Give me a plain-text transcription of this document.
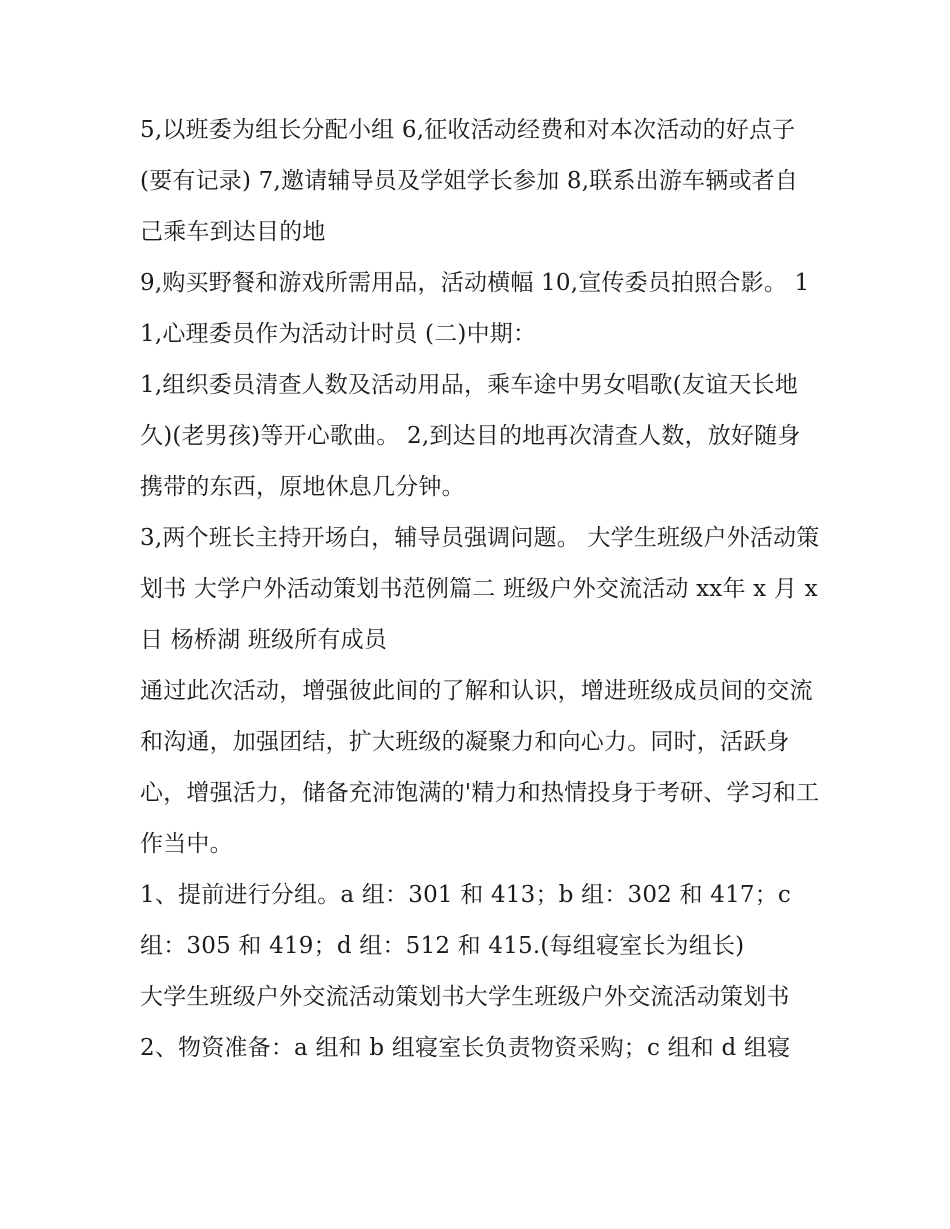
5,以班委为组长分配小组 6,征收活动经费和对本次活动的好点子(要有记录) 7,邀请辅导员及学姐学长参加 8,联系出游车辆或者自己乘车到达目的地

9,购买野餐和游戏所需用品，活动横幅 10,宣传委员拍照合影。 11,心理委员作为活动计时员 (二)中期：

1,组织委员清查人数及活动用品，乘车途中男女唱歌(友谊天长地久)(老男孩)等开心歌曲。 2,到达目的地再次清查人数，放好随身携带的东西，原地休息几分钟。

3,两个班长主持开场白，辅导员强调问题。 大学生班级户外活动策划书 大学户外活动策划书范例篇二 班级户外交流活动 xx年 x 月 x 日 杨桥湖 班级所有成员

通过此次活动，增强彼此间的了解和认识，增进班级成员间的交流和沟通，加强团结，扩大班级的凝聚力和向心力。同时，活跃身心，增强活力，储备充沛饱满的'精力和热情投身于考研、学习和工作当中。

1、提前进行分组。a 组：301 和 413；b 组：302 和 417；c 组：305 和 419；d 组：512 和 415.(每组寝室长为组长)

大学生班级户外交流活动策划书大学生班级户外交流活动策划书

2、物资准备：a 组和 b 组寝室长负责物资采购；c 组和 d 组寝
